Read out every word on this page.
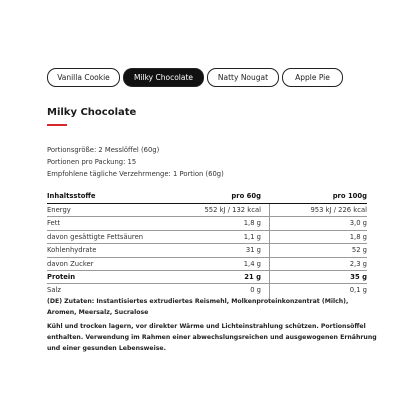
Vanilla Cookie	Milky Chocolate	Natty Nougat	Apple Pie
Milky Chocolate
Portionsgröße: 2 Messlöffel (60g)
Portionen pro Packung: 15
Empfohlene tägliche Verzehrmenge: 1 Portion (60g)
Inhaltsstoffe	pro 60g	pro 100g
Energy	552 kJ / 132 kcal	953 kJ / 226 kcal
Fett	1,8 g	3,0 g
davon gesättigte Fettsäuren	1,1 g	1,8 g
Kohlenhydrate	31 g	52 g
davon Zucker	1,4 g	2,3 g
Protein	21 g	35 g
Salz	0 g	0,1 g
(DE) Zutaten: Instantisiertes extrudiertes Reismehl, Molkenproteinkonzentrat (Milch), Aromen, Meersalz, Sucralose
Kühl und trocken lagern, vor direkter Wärme und Lichteinstrahlung schützen. Portionsöffel enthalten. Verwendung im Rahmen einer abwechslungsreichen und ausgewogenen Ernährung und einer gesunden Lebensweise.
